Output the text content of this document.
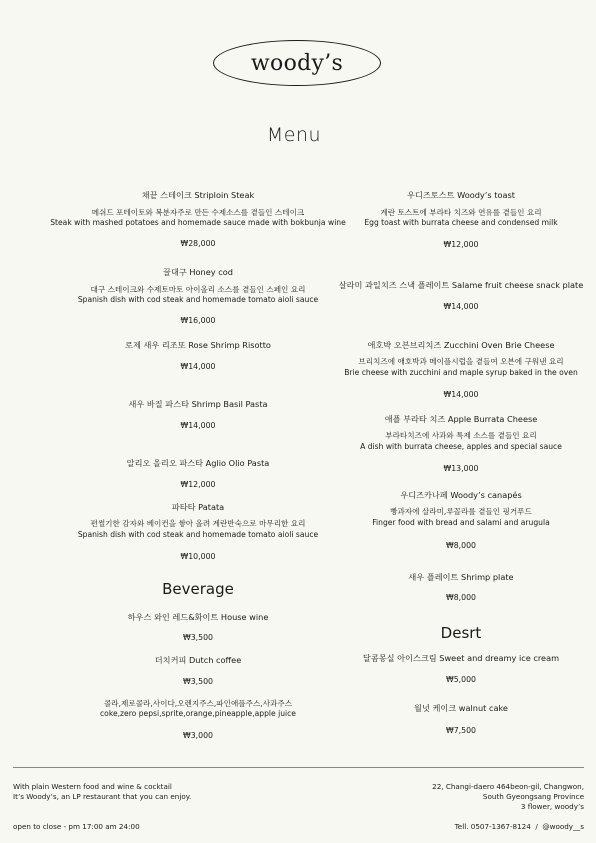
woody’s
Menu
채끝 스테이크 Striploin Steak
메쉬드 포테이토와 복분자주로 만든 수제소스를 곁들인 스테이크
Steak with mashed potatoes and homemade sauce made with bokbunja wine
₩28,000
꿀대구 Honey cod
대구 스테이크와 수제토마토 아이올리 소스를 곁들인 스페인 요리
Spanish dish with cod steak and homemade tomato aioli sauce
₩16,000
로제 새우 리조또 Rose Shrimp Risotto
₩14,000
새우 바질 파스타 Shrimp Basil Pasta
₩14,000
알리오 올리오 파스타 Aglio Olio Pasta
₩12,000
파타타 Patata
편썰기한 감자와 베이컨을 쌓아 올려 계란반숙으로 마무리한 요리
Spanish dish with cod steak and homemade tomato aioli sauce
₩10,000
Beverage
하우스 와인 레드&화이트 House wine
₩3,500
더치커피 Dutch coffee
₩3,500
콜라,제로콜라,사이다,오렌지주스,파인애플주스,사과주스
coke,zero pepsi,sprite,orange,pineapple,apple juice
₩3,000
우디즈토스트 Woody’s toast
계란 토스트에 부라타 치즈와 연유를 곁들인 요리
Egg toast with burrata cheese and condensed milk
₩12,000
살라미 과일치즈 스낵 플레이트 Salame fruit cheese snack plate
₩14,000
애호박 오븐브리치즈 Zucchini Oven Brie Cheese
브리치즈에 애호박과 메이플시럽을 곁들여 오븐에 구워낸 요리
Brie cheese with zucchini and maple syrup baked in the oven
₩14,000
애플 부라타 치즈 Apple Burrata Cheese
부라타치즈에 사과와 특제 소스를 곁들인 요리
A dish with burrata cheese, apples and special sauce
₩13,000
우디즈카나페 Woody’s canapés
빵과자에 살라미,루꼴라를 곁들인 핑거푸드
Finger food with bread and salami and arugula
₩8,000
새우 플레이트 Shrimp plate
₩8,000
Desrt
달콤몽실 아이스크림 Sweet and dreamy ice cream
₩5,000
월넛 케이크 walnut cake
₩7,500
With plain Western food and wine & cocktail
It’s Woody’s, an LP restaurant that you can enjoy.
open to close - pm 17:00 am 24:00
22, Changi-daero 464beon-gil, Changwon,
South Gyeongsang Province
3 flower, woody’s
Tell. 0507-1367-8124  /  @woody__s
